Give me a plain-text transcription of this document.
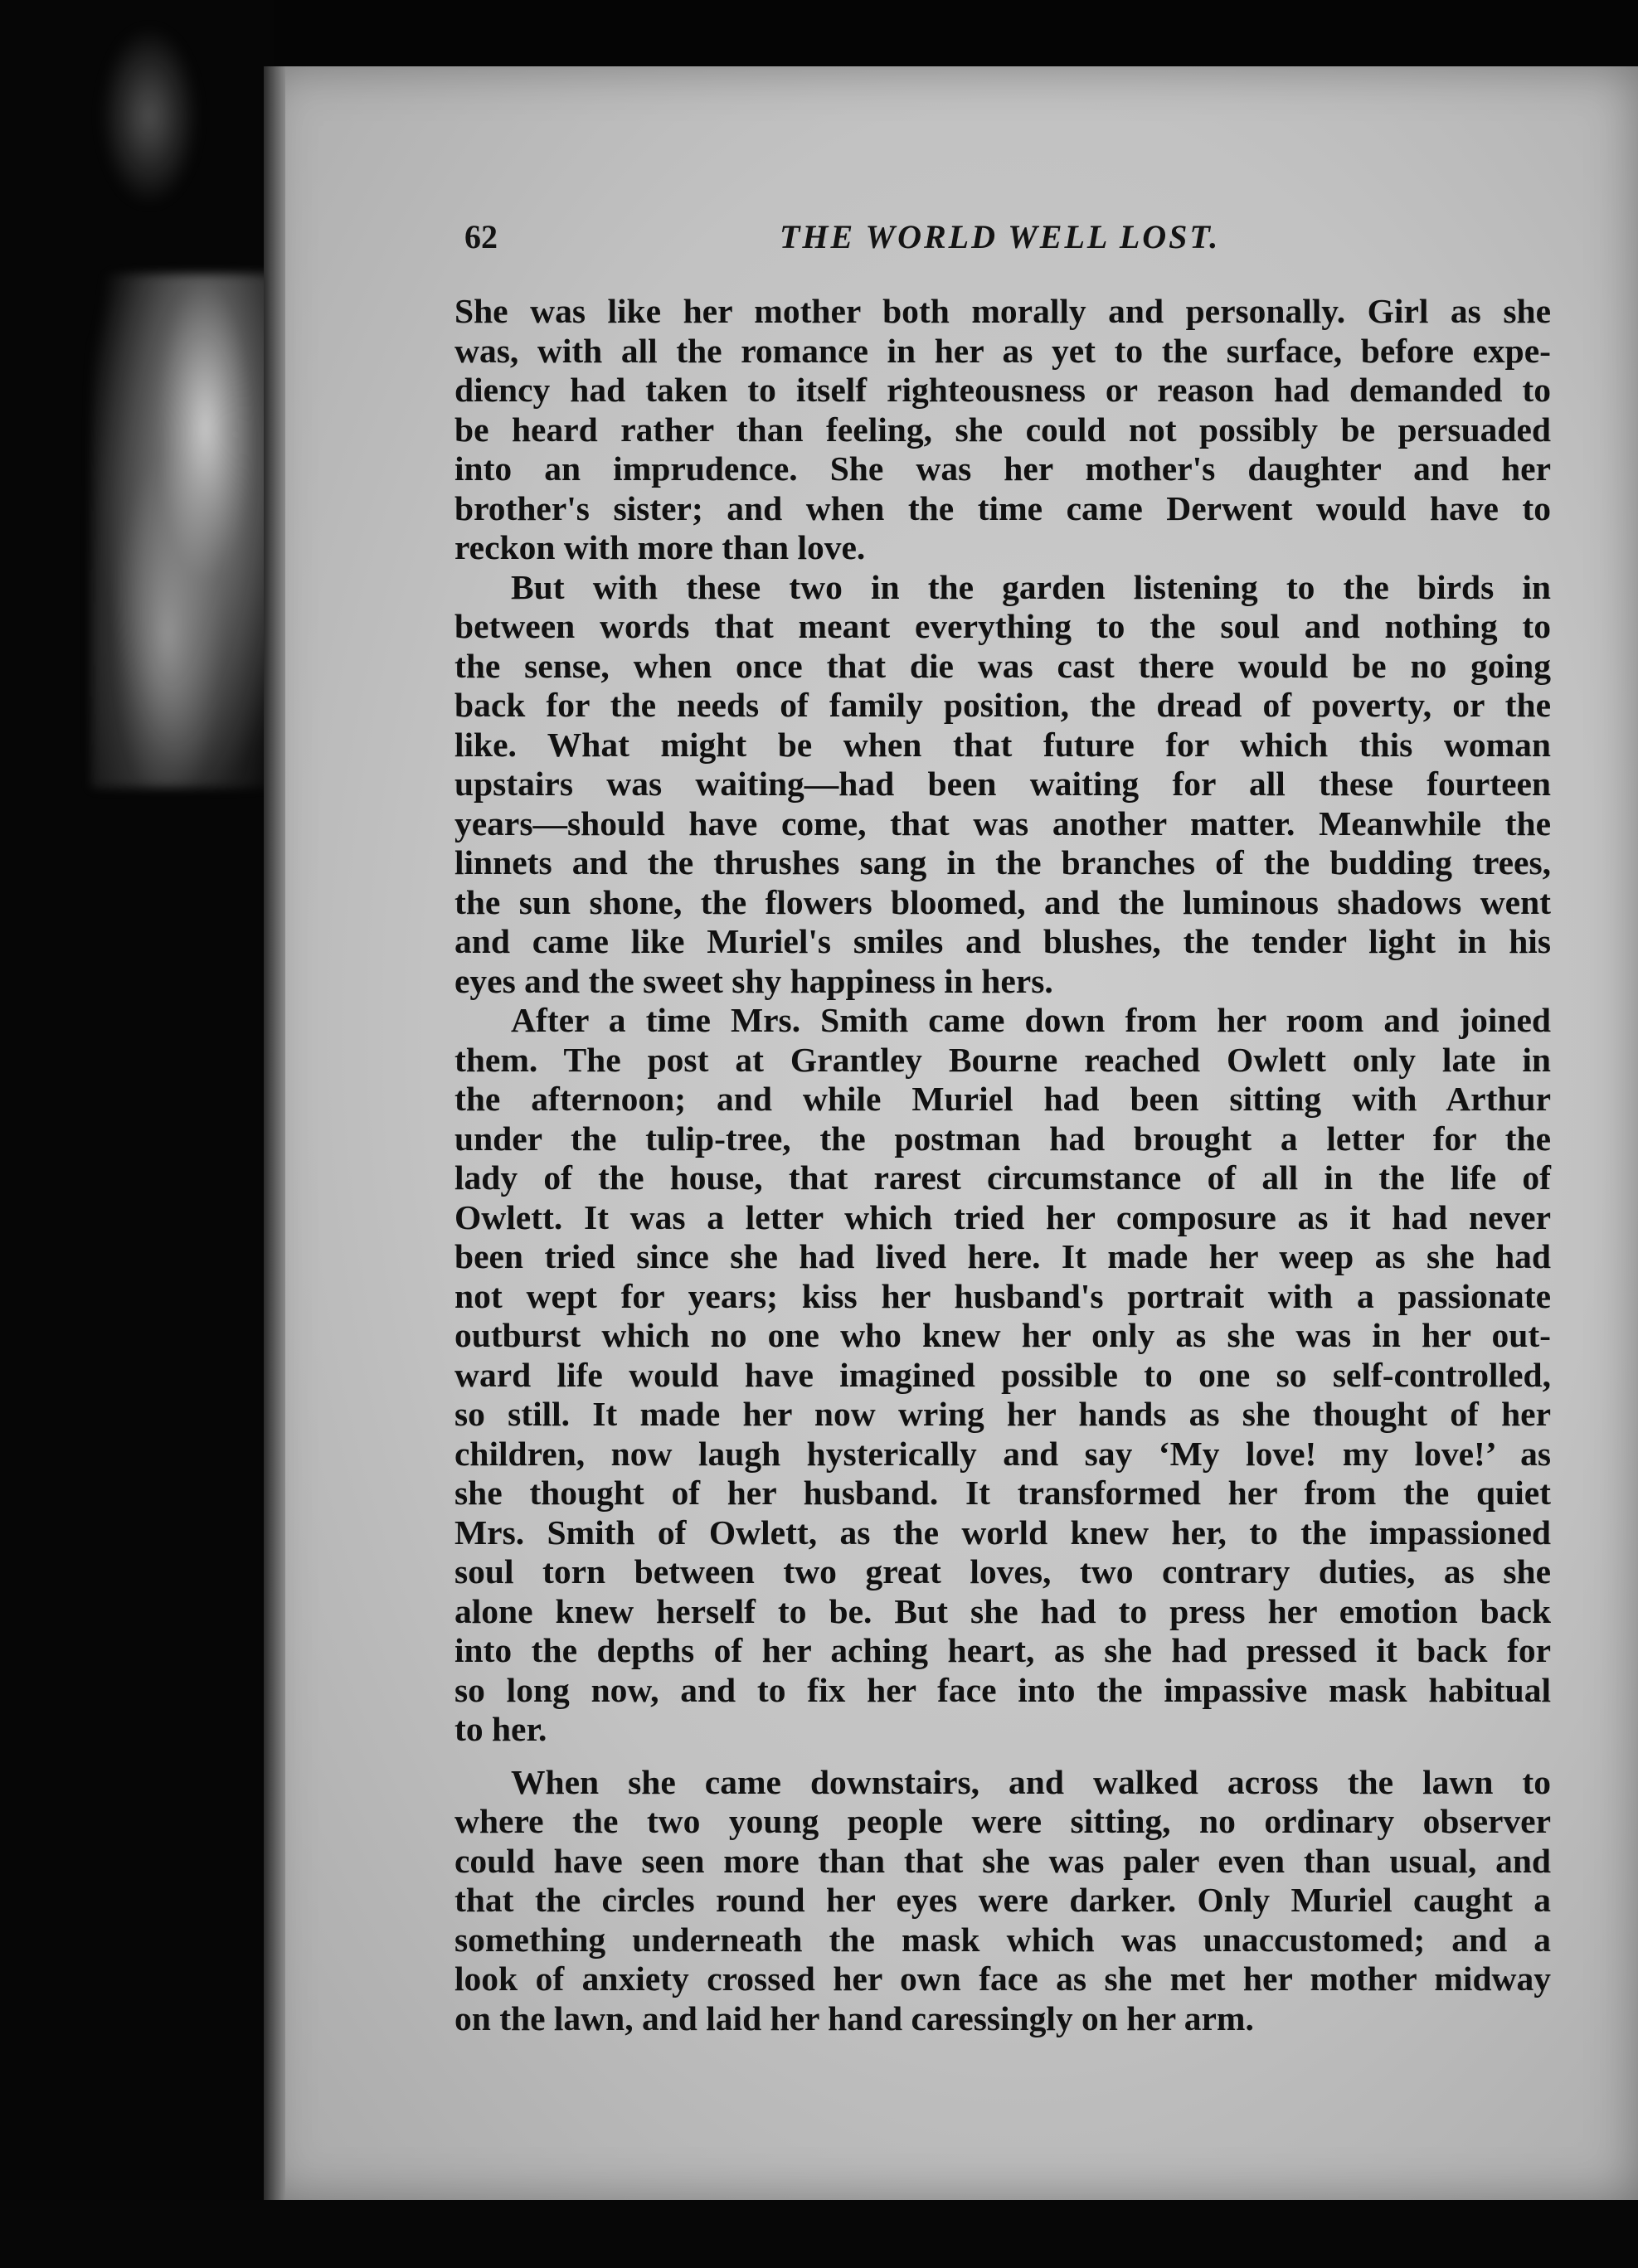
62	THE WORLD WELL LOST.
She was like her mother both morally and personally. Girl as she
was, with all the romance in her as yet to the surface, before expe-
diency had taken to itself righteousness or reason had demanded to
be heard rather than feeling, she could not possibly be persuaded
into an imprudence. She was her mother's daughter and her
brother's sister; and when the time came Derwent would have to
reckon with more than love.
But with these two in the garden listening to the birds in
between words that meant everything to the soul and nothing to
the sense, when once that die was cast there would be no going
back for the needs of family position, the dread of poverty, or the
like. What might be when that future for which this woman
upstairs was waiting—had been waiting for all these fourteen
years—should have come, that was another matter. Meanwhile the
linnets and the thrushes sang in the branches of the budding trees,
the sun shone, the flowers bloomed, and the luminous shadows went
and came like Muriel's smiles and blushes, the tender light in his
eyes and the sweet shy happiness in hers.
After a time Mrs. Smith came down from her room and joined
them. The post at Grantley Bourne reached Owlett only late in
the afternoon; and while Muriel had been sitting with Arthur
under the tulip-tree, the postman had brought a letter for the
lady of the house, that rarest circumstance of all in the life of
Owlett. It was a letter which tried her composure as it had never
been tried since she had lived here. It made her weep as she had
not wept for years; kiss her husband's portrait with a passionate
outburst which no one who knew her only as she was in her out-
ward life would have imagined possible to one so self-controlled,
so still. It made her now wring her hands as she thought of her
children, now laugh hysterically and say ‘My love! my love!’ as
she thought of her husband. It transformed her from the quiet
Mrs. Smith of Owlett, as the world knew her, to the impassioned
soul torn between two great loves, two contrary duties, as she
alone knew herself to be. But she had to press her emotion back
into the depths of her aching heart, as she had pressed it back for
so long now, and to fix her face into the impassive mask habitual
to her.
When she came downstairs, and walked across the lawn to
where the two young people were sitting, no ordinary observer
could have seen more than that she was paler even than usual, and
that the circles round her eyes were darker. Only Muriel caught a
something underneath the mask which was unaccustomed; and a
look of anxiety crossed her own face as she met her mother midway
on the lawn, and laid her hand caressingly on her arm.
